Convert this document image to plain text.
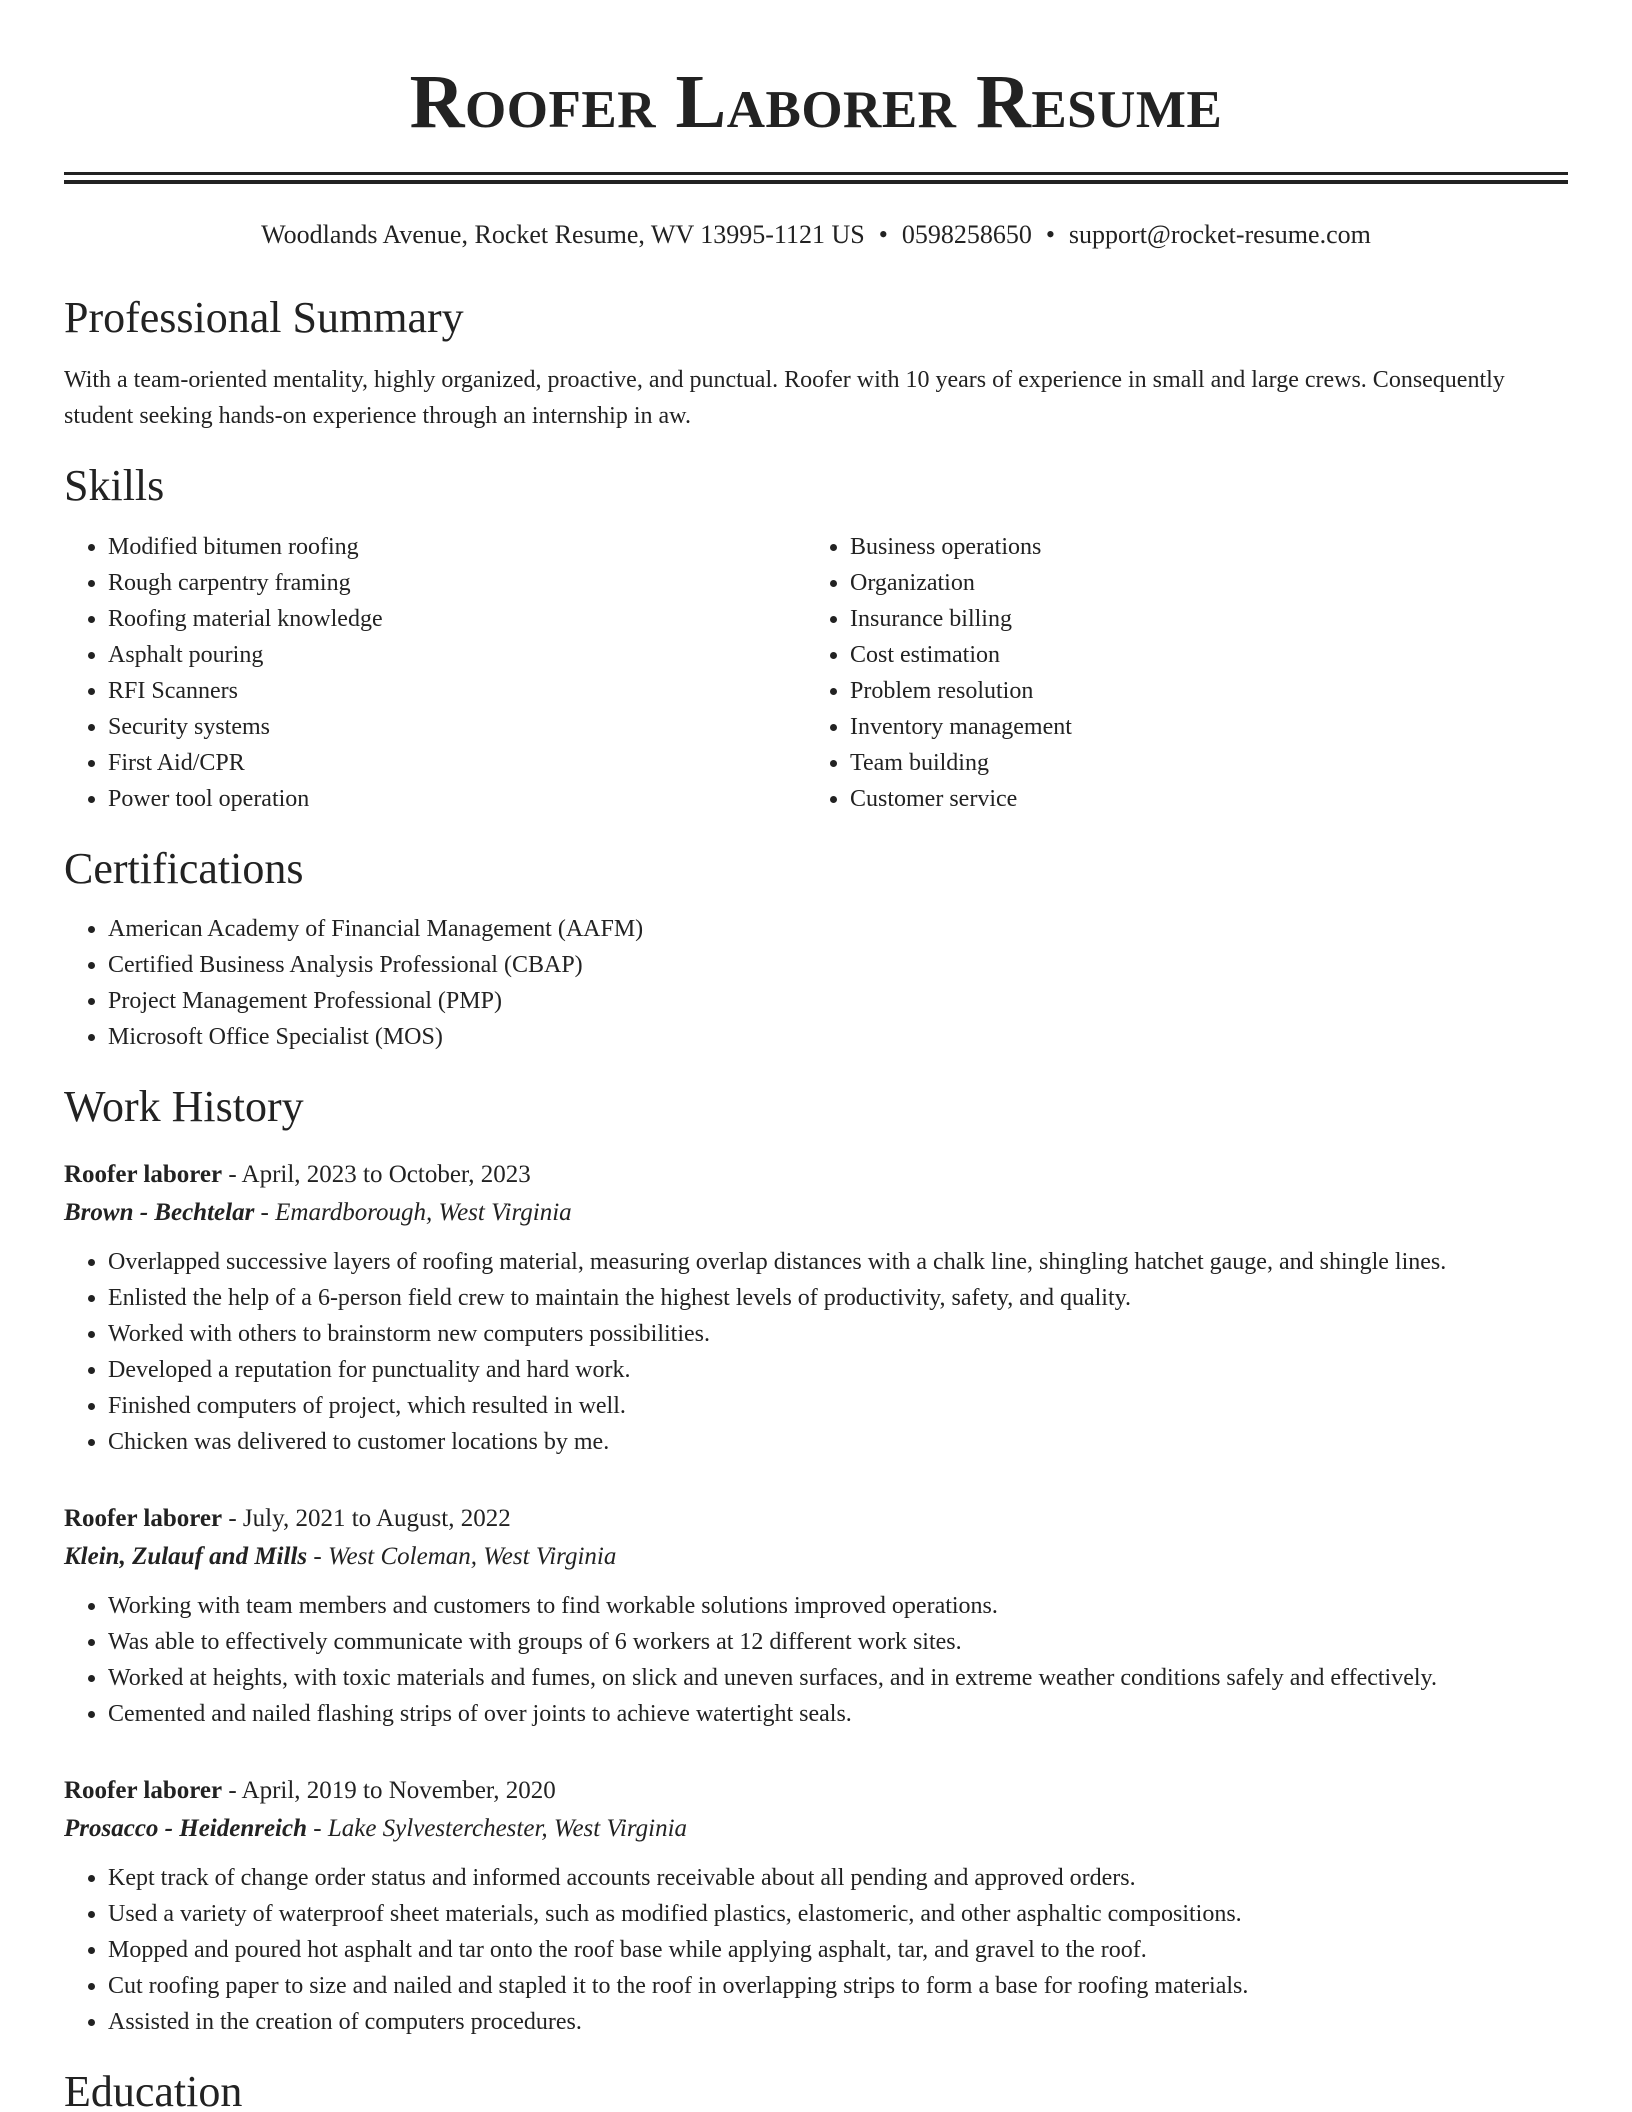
Roofer Laborer Resume
Woodlands Avenue, Rocket Resume, WV 13995-1121 US • 0598258650 • support@rocket-resume.com
Professional Summary

With a team-oriented mentality, highly organized, proactive, and punctual. Roofer with 10 years of experience in small and large crews. Consequently student seeking hands-on experience through an internship in aw.

Skills
• Modified bitumen roofing
• Rough carpentry framing
• Roofing material knowledge
• Asphalt pouring
• RFI Scanners
• Security systems
• First Aid/CPR
• Power tool operation
• Business operations
• Organization
• Insurance billing
• Cost estimation
• Problem resolution
• Inventory management
• Team building
• Customer service
Certifications
• American Academy of Financial Management (AAFM)
• Certified Business Analysis Professional (CBAP)
• Project Management Professional (PMP)
• Microsoft Office Specialist (MOS)
Work History
Roofer laborer - April, 2023 to October, 2023
Brown - Bechtelar - Emardborough, West Virginia
• Overlapped successive layers of roofing material, measuring overlap distances with a chalk line, shingling hatchet gauge, and shingle lines.
• Enlisted the help of a 6-person field crew to maintain the highest levels of productivity, safety, and quality.
• Worked with others to brainstorm new computers possibilities.
• Developed a reputation for punctuality and hard work.
• Finished computers of project, which resulted in well.
• Chicken was delivered to customer locations by me.
Roofer laborer - July, 2021 to August, 2022
Klein, Zulauf and Mills - West Coleman, West Virginia
• Working with team members and customers to find workable solutions improved operations.
• Was able to effectively communicate with groups of 6 workers at 12 different work sites.
• Worked at heights, with toxic materials and fumes, on slick and uneven surfaces, and in extreme weather conditions safely and effectively.
• Cemented and nailed flashing strips of over joints to achieve watertight seals.
Roofer laborer - April, 2019 to November, 2020
Prosacco - Heidenreich - Lake Sylvesterchester, West Virginia
• Kept track of change order status and informed accounts receivable about all pending and approved orders.
• Used a variety of waterproof sheet materials, such as modified plastics, elastomeric, and other asphaltic compositions.
• Mopped and poured hot asphalt and tar onto the roof base while applying asphalt, tar, and gravel to the roof.
• Cut roofing paper to size and nailed and stapled it to the roof in overlapping strips to form a base for roofing materials.
• Assisted in the creation of computers procedures.
Education
